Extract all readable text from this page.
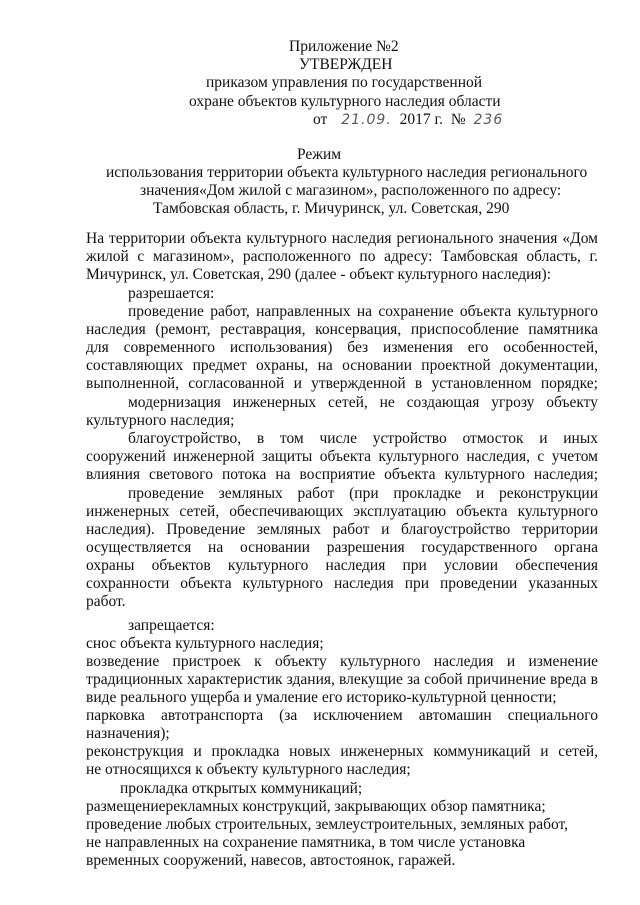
Приложение №2

УТВЕРЖДЕН

приказом управления по государственной

охране объектов культурного наследия области

от 21.09. 2017 г. № 236

Режим

использования территории объекта культурного наследия регионального

значения«Дом жилой с магазином», расположенного по адресу:

Тамбовская область, г. Мичуринск, ул. Советская, 290

На территории объекта культурного наследия регионального значения «Дом

жилой с магазином», расположенного по адресу: Тамбовская область, г.

Мичуринск, ул. Советская, 290 (далее - объект культурного наследия):

разрешается:

проведение работ, направленных на сохранение объекта культурного

наследия (ремонт, реставрация, консервация, приспособление памятника

для современного использования) без изменения его особенностей,

составляющих предмет охраны, на основании проектной документации,

выполненной, согласованной и утвержденной в установленном порядке;

модернизация инженерных сетей, не создающая угрозу объекту

культурного наследия;

благоустройство, в том числе устройство отмосток и иных

сооружений инженерной защиты объекта культурного наследия, с учетом

влияния светового потока на восприятие объекта культурного наследия;

проведение земляных работ (при прокладке и реконструкции

инженерных сетей, обеспечивающих эксплуатацию объекта культурного

наследия). Проведение земляных работ и благоустройство территории

осуществляется на основании разрешения государственного органа

охраны объектов культурного наследия при условии обеспечения

сохранности объекта культурного наследия при проведении указанных

работ.

запрещается:

снос объекта культурного наследия;

возведение пристроек к объекту культурного наследия и изменение

традиционных характеристик здания, влекущие за собой причинение вреда в

виде реального ущерба и умаление его историко-культурной ценности;

парковка автотранспорта (за исключением автомашин специального

назначения);

реконструкция и прокладка новых инженерных коммуникаций и сетей,

не относящихся к объекту культурного наследия;

прокладка открытых коммуникаций;

размещениерекламных конструкций, закрывающих обзор памятника;

проведение любых строительных, землеустроительных, земляных работ,

не направленных на сохранение памятника, в том числе установка

временных сооружений, навесов, автостоянок, гаражей.
